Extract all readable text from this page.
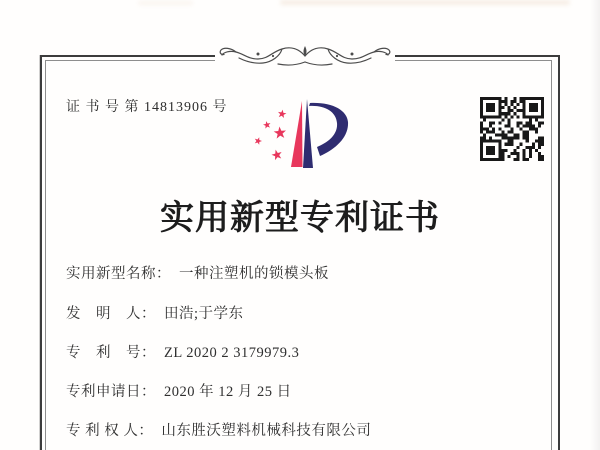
证 书 号 第 14813906 号
实用新型专利证书
实用新型名称： 一种注塑机的锁模头板
发　明　人： 田浩;于学东
专　利　号： ZL 2020 2 3179979.3
专利申请日： 2020 年 12 月 25 日
专 利 权 人： 山东胜沃塑料机械科技有限公司
